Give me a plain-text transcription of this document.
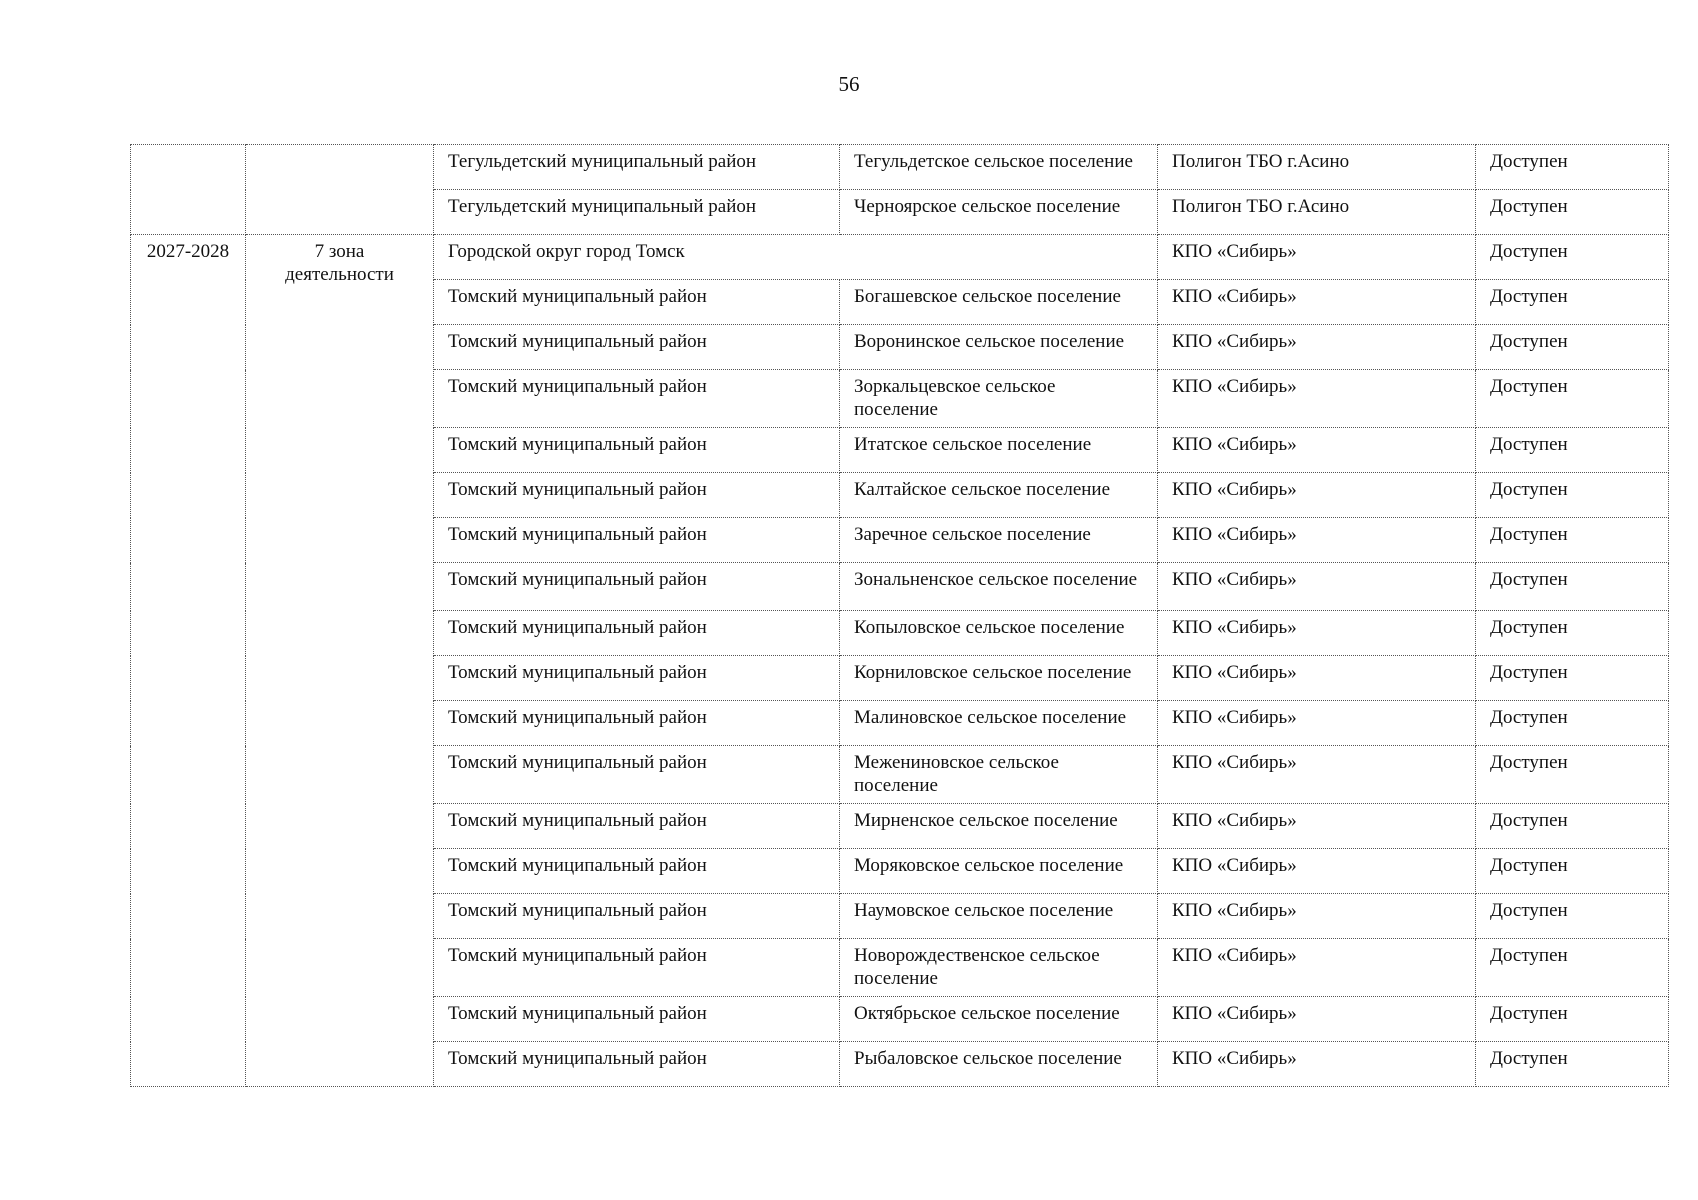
56
		Тегульдетский муниципальный район	Тегульдетское сельское поселение	Полигон ТБО г.Асино	Доступен
		Тегульдетский муниципальный район	Черноярское сельское поселение	Полигон ТБО г.Асино	Доступен
2027-2028	7 зона деятельности	Городской округ город Томск		КПО «Сибирь»	Доступен
		Томский муниципальный район	Богашевское сельское поселение	КПО «Сибирь»	Доступен
		Томский муниципальный район	Воронинское сельское поселение	КПО «Сибирь»	Доступен
		Томский муниципальный район	Зоркальцевское сельское поселение	КПО «Сибирь»	Доступен
		Томский муниципальный район	Итатское сельское поселение	КПО «Сибирь»	Доступен
		Томский муниципальный район	Калтайское сельское поселение	КПО «Сибирь»	Доступен
		Томский муниципальный район	Заречное сельское поселение	КПО «Сибирь»	Доступен
		Томский муниципальный район	Зональненское сельское поселение	КПО «Сибирь»	Доступен
		Томский муниципальный район	Копыловское сельское поселение	КПО «Сибирь»	Доступен
		Томский муниципальный район	Корниловское сельское поселение	КПО «Сибирь»	Доступен
		Томский муниципальный район	Малиновское сельское поселение	КПО «Сибирь»	Доступен
		Томский муниципальный район	Межениновское сельское поселение	КПО «Сибирь»	Доступен
		Томский муниципальный район	Мирненское сельское поселение	КПО «Сибирь»	Доступен
		Томский муниципальный район	Моряковское сельское поселение	КПО «Сибирь»	Доступен
		Томский муниципальный район	Наумовское сельское поселение	КПО «Сибирь»	Доступен
		Томский муниципальный район	Новорождественское сельское поселение	КПО «Сибирь»	Доступен
		Томский муниципальный район	Октябрьское сельское поселение	КПО «Сибирь»	Доступен
		Томский муниципальный район	Рыбаловское сельское поселение	КПО «Сибирь»	Доступен
